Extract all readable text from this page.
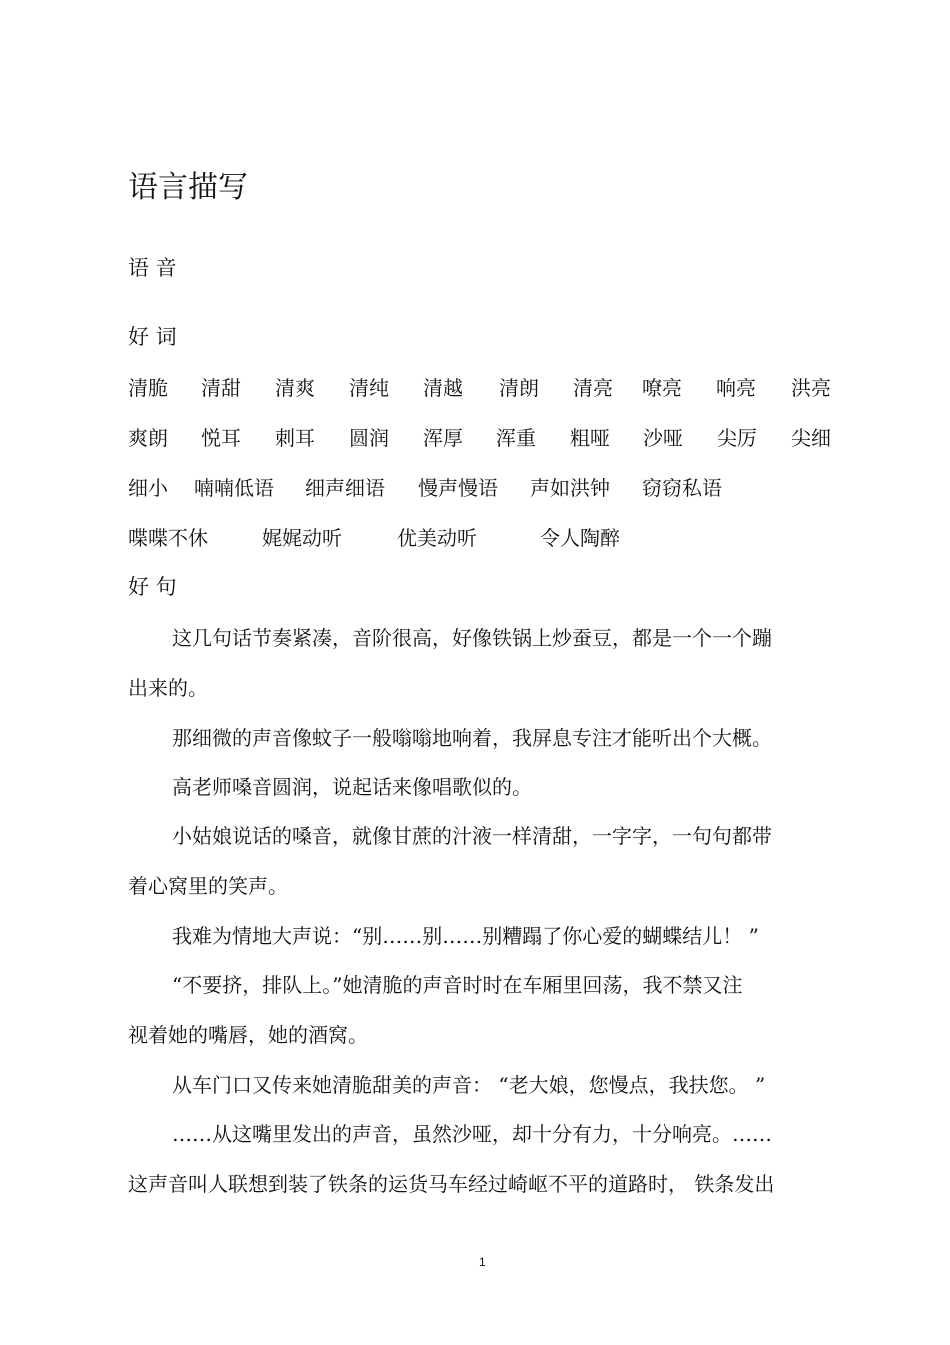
语言描写
语 音
好 词
清脆 清甜 清爽 清纯 清越 清朗 清亮 嘹亮 响亮 洪亮
爽朗 悦耳 刺耳 圆润 浑厚 浑重 粗哑 沙哑 尖厉 尖细
细小 喃喃低语 细声细语 慢声慢语 声如洪钟 窃窃私语
喋喋不休	娓娓动听	优美动听	令人陶醉
好 句
这几句话节奏紧凑，音阶很高，好像铁锅上炒蚕豆，都是一个一个蹦
出来的。
那细微的声音像蚊子一般嗡嗡地响着，我屏息专注才能听出个大概。
高老师嗓音圆润，说起话来像唱歌似的。
小姑娘说话的嗓音，就像甘蔗的汁液一样清甜，一字字，一句句都带
着心窝里的笑声。
我难为情地大声说：“别……别……别糟蹋了你心爱的蝴蝶结儿！ ”
“不要挤，排队上。”她清脆的声音时时在车厢里回荡，我不禁又注
视着她的嘴唇，她的酒窝。
从车门口又传来她清脆甜美的声音： “老大娘，您慢点，我扶您。 ”
……从这嘴里发出的声音，虽然沙哑，却十分有力，十分响亮。……
这声音叫人联想到装了铁条的运货马车经过崎岖不平的道路时， 铁条发出
1
